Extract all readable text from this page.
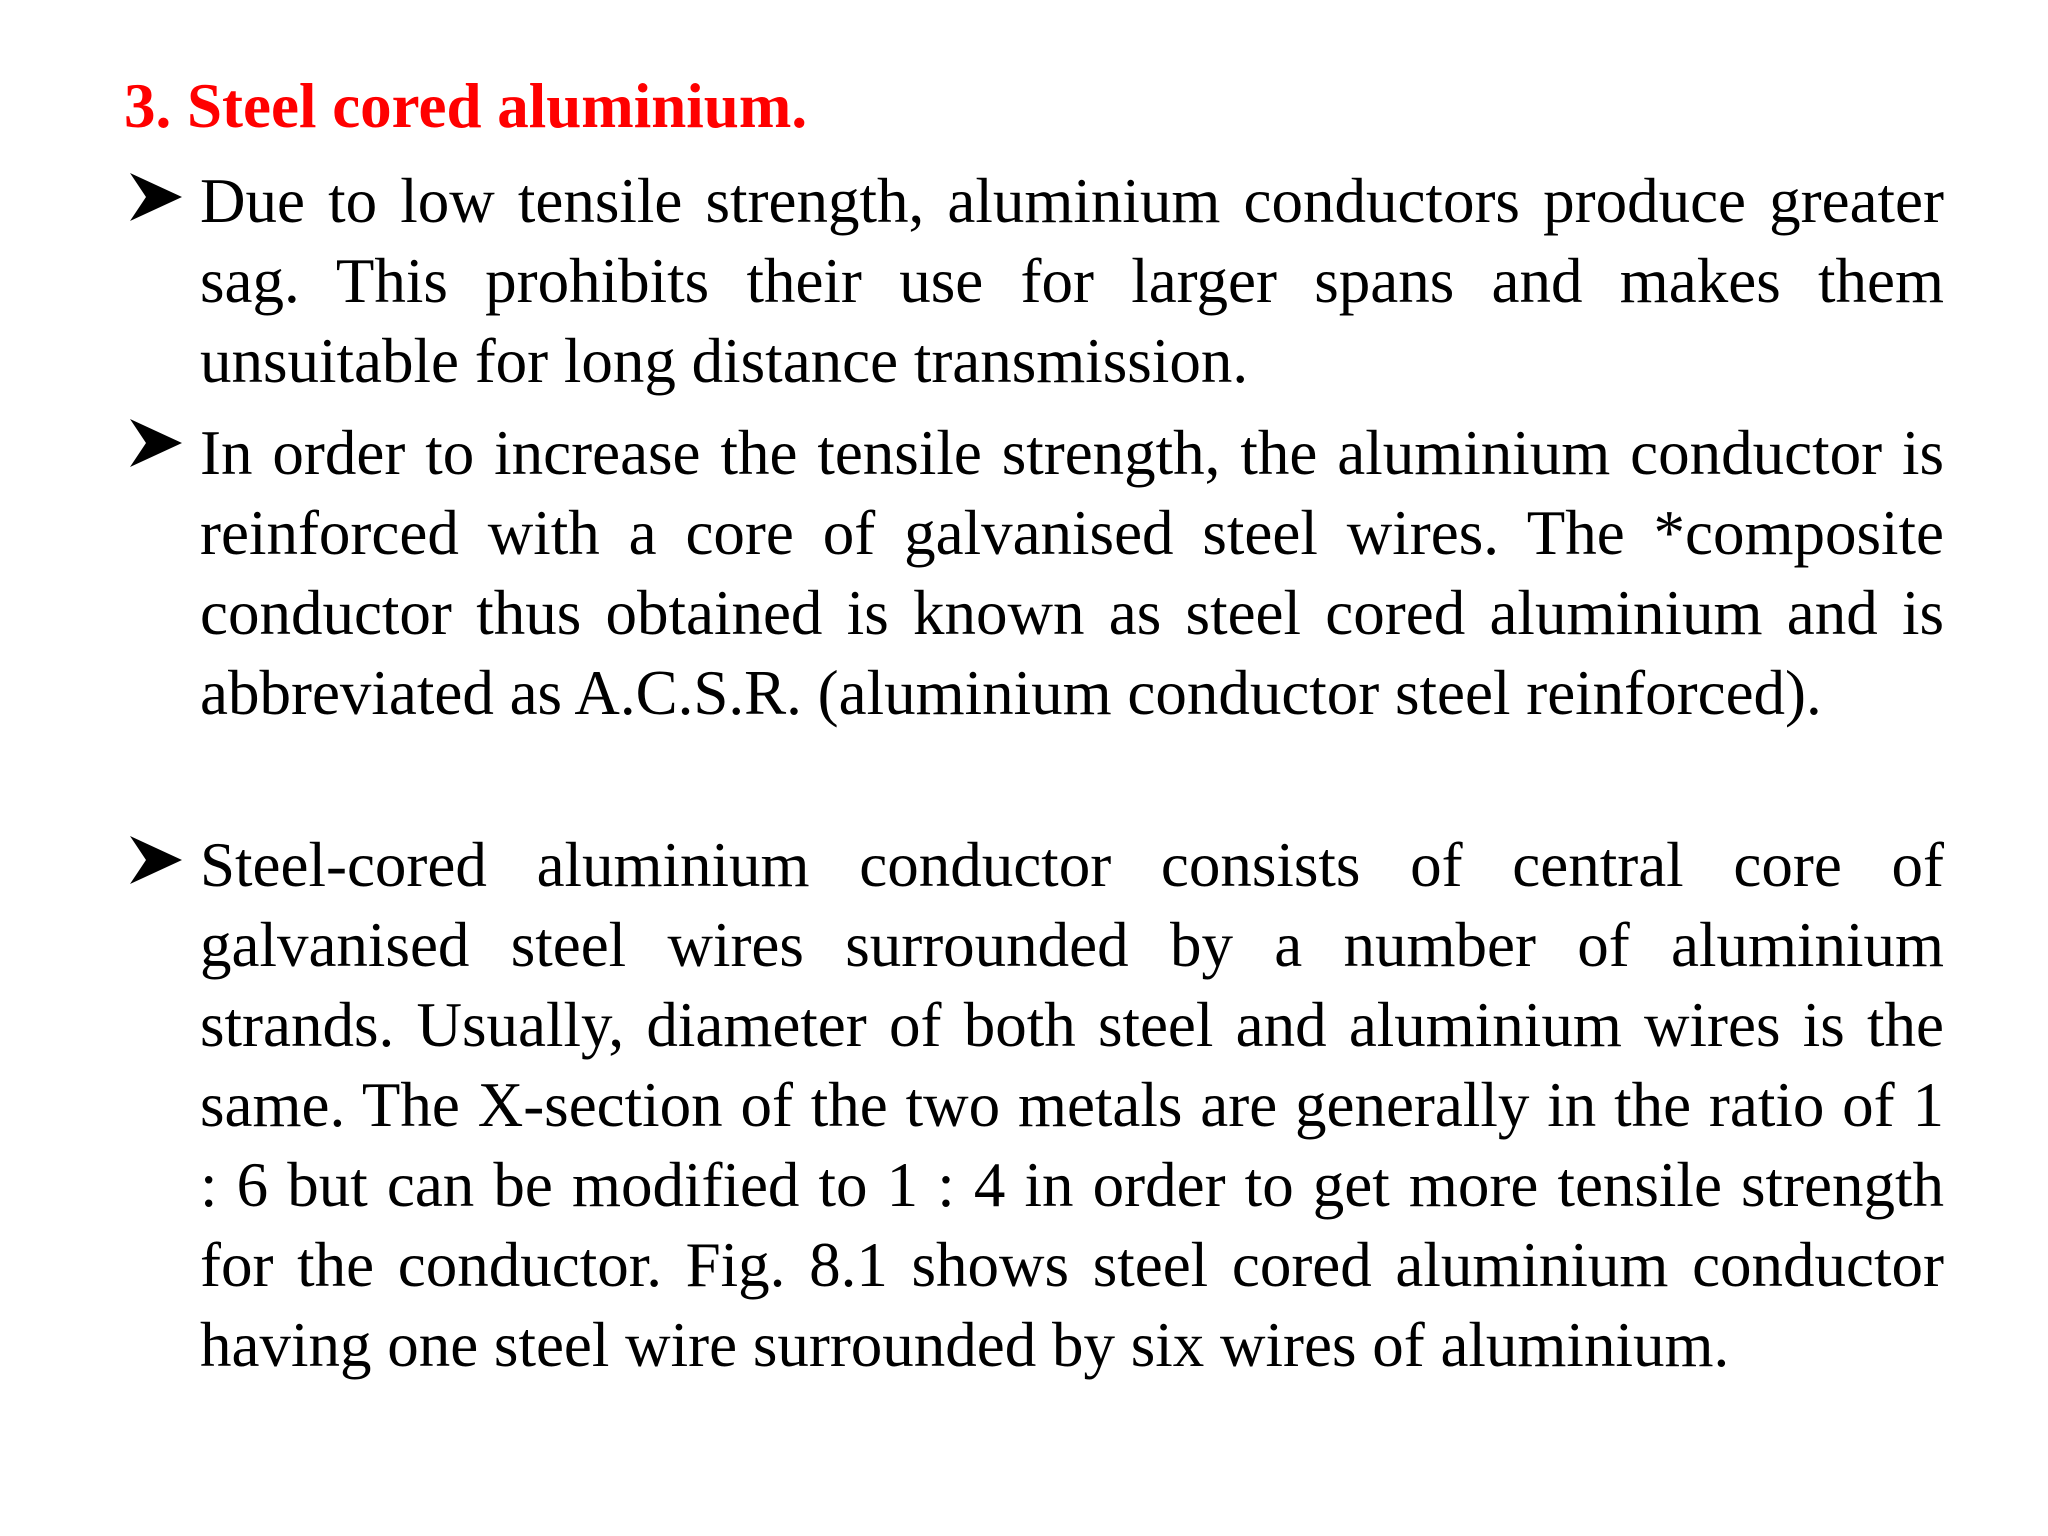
3. Steel cored aluminium.

Due to low tensile strength, aluminium conductors produce greater sag. This prohibits their use for larger spans and makes them unsuitable for long distance transmission.

In order to increase the tensile strength, the aluminium conductor is reinforced with a core of galvanised steel wires. The *composite conductor thus obtained is known as steel cored aluminium and is abbreviated as A.C.S.R. (aluminium conductor steel reinforced).

Steel-cored aluminium conductor consists of central core of galvanised steel wires surrounded by a number of aluminium strands. Usually, diameter of both steel and aluminium wires is the same. The X-section of the two metals are generally in the ratio of 1 : 6 but can be modified to 1 : 4 in order to get more tensile strength for the conductor. Fig. 8.1 shows steel cored aluminium conductor having one steel wire surrounded by six wires of aluminium.
